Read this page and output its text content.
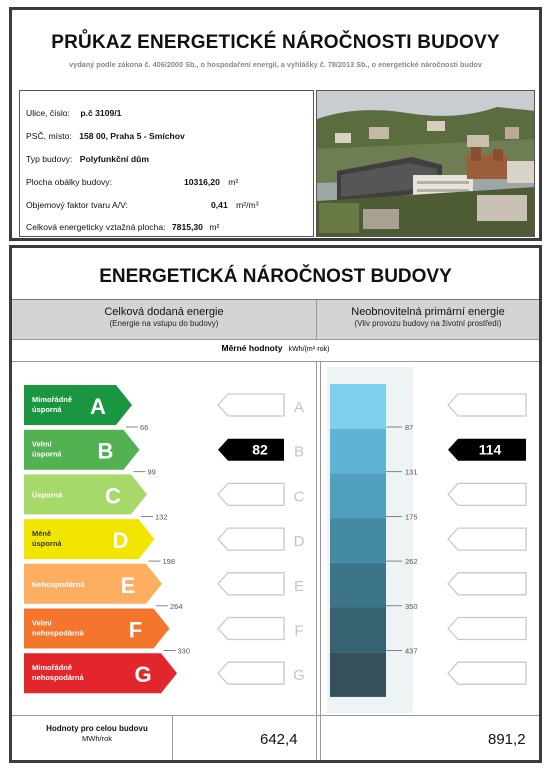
PRŮKAZ ENERGETICKÉ NÁROČNOSTI BUDOVY
vydaný podle zákona č. 406/2000 Sb., o hospodaření energií, a vyhlášky č. 78/2013 Sb., o energetické náročnosti budov
Ulice, číslo: p.č 3109/1
PSČ, místo: 158 00, Praha 5 - Smíchov
Typ budovy: Polyfunkční dům
Plocha obálky budovy:	10316,20 m²
Objemový faktor tvaru A/V:	0,41 m²/m³
Celková energeticky vztažná plocha: 7815,30 m²
ENERGETICKÁ NÁROČNOST BUDOVY
Celková dodaná energie
(Energie na vstupu do budovy)
Neobnovitelná primární energie
(Vliv provozu budovy na životní prostředí)
Měrné hodnoty kWh/(m²·rok)
Mimořádně
úsporná A	A
Velmi
úsporná B	B
Úsporná C	C
Méně
úsporná D	D
Nehospodárná E	E
Velmi
nehospodárná F	F
Mimořádně
nehospodárná G	G
66
99
132
198
264
330
87
131
175
262
350
437
82	114
Hodnoty pro celou budovu
MWh/rok	642,4	891,2
